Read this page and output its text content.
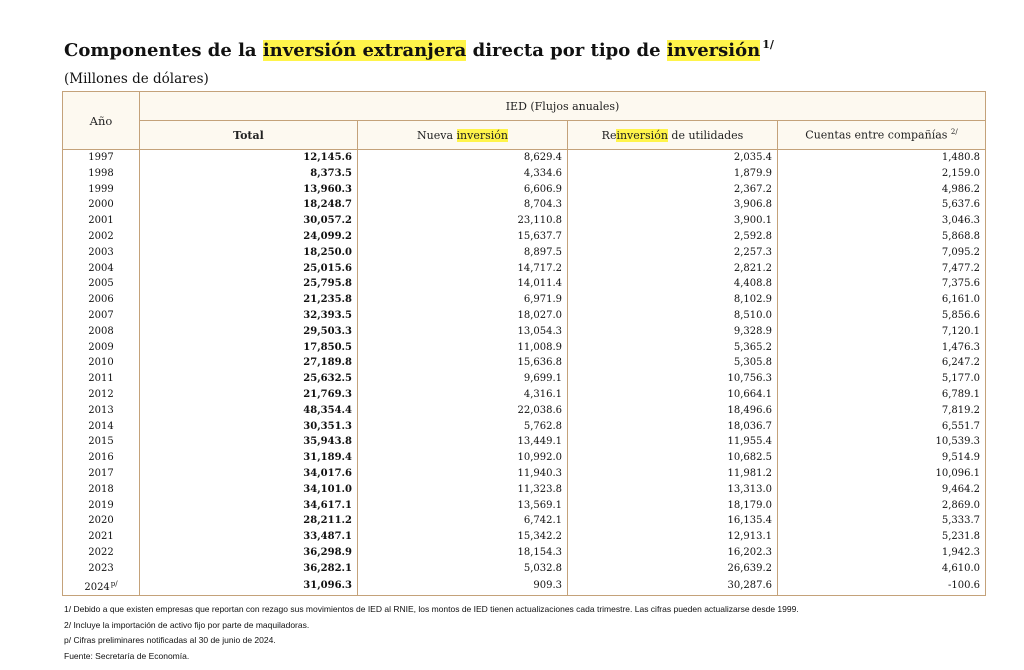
Componentes de la inversión extranjera directa por tipo de inversión $^{1/}$
(Millones de dólares)
Año	IED (Flujos anuales)			
	Total	Nueva inversión	Reinversión de utilidades	Cuentas entre compañías $^{2/}$
1997	12,145.6	8,629.4	2,035.4	1,480.8
1998	8,373.5	4,334.6	1,879.9	2,159.0
1999	13,960.3	6,606.9	2,367.2	4,986.2
2000	18,248.7	8,704.3	3,906.8	5,637.6
2001	30,057.2	23,110.8	3,900.1	3,046.3
2002	24,099.2	15,637.7	2,592.8	5,868.8
2003	18,250.0	8,897.5	2,257.3	7,095.2
2004	25,015.6	14,717.2	2,821.2	7,477.2
2005	25,795.8	14,011.4	4,408.8	7,375.6
2006	21,235.8	6,971.9	8,102.9	6,161.0
2007	32,393.5	18,027.0	8,510.0	5,856.6
2008	29,503.3	13,054.3	9,328.9	7,120.1
2009	17,850.5	11,008.9	5,365.2	1,476.3
2010	27,189.8	15,636.8	5,305.8	6,247.2
2011	25,632.5	9,699.1	10,756.3	5,177.0
2012	21,769.3	4,316.1	10,664.1	6,789.1
2013	48,354.4	22,038.6	18,496.6	7,819.2
2014	30,351.3	5,762.8	18,036.7	6,551.7
2015	35,943.8	13,449.1	11,955.4	10,539.3
2016	31,189.4	10,992.0	10,682.5	9,514.9
2017	34,017.6	11,940.3	11,981.2	10,096.1
2018	34,101.0	11,323.8	13,313.0	9,464.2
2019	34,617.1	13,569.1	18,179.0	2,869.0
2020	28,211.2	6,742.1	16,135.4	5,333.7
2021	33,487.1	15,342.2	12,913.1	5,231.8
2022	36,298.9	18,154.3	16,202.3	1,942.3
2023	36,282.1	5,032.8	26,639.2	4,610.0
$2024^{p/}$	31,096.3	909.3	30,287.6	-100.6
1/ Debido a que existen empresas que reportan con rezago sus movimientos de IED al RNIE, los montos de IED tienen actualizaciones cada trimestre. Las cifras pueden actualizarse desde 1999.
2/ Incluye la importación de activo fijo por parte de maquiladoras.
p/ Cifras preliminares notificadas al 30 de junio de 2024.
Fuente: Secretaría de Economía.
